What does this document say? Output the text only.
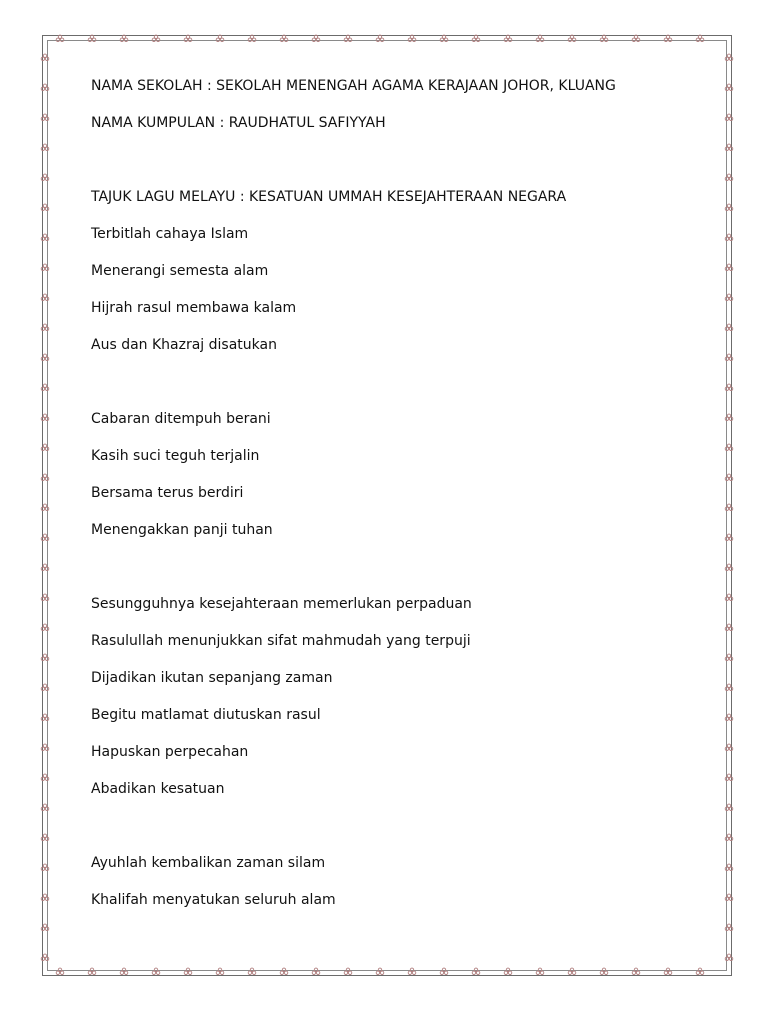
NAMA SEKOLAH : SEKOLAH MENENGAH AGAMA KERAJAAN JOHOR, KLUANG
NAMA KUMPULAN : RAUDHATUL SAFIYYAH
TAJUK LAGU MELAYU : KESATUAN UMMAH KESEJAHTERAAN NEGARA
Terbitlah cahaya Islam
Menerangi semesta alam
Hijrah rasul membawa kalam
Aus dan Khazraj disatukan
Cabaran ditempuh berani
Kasih suci teguh terjalin
Bersama terus berdiri
Menengakkan panji tuhan
Sesungguhnya kesejahteraan memerlukan perpaduan
Rasulullah menunjukkan sifat mahmudah yang terpuji
Dijadikan ikutan sepanjang zaman
Begitu matlamat diutuskan rasul
Hapuskan perpecahan
Abadikan kesatuan
Ayuhlah kembalikan zaman silam
Khalifah menyatukan seluruh alam
